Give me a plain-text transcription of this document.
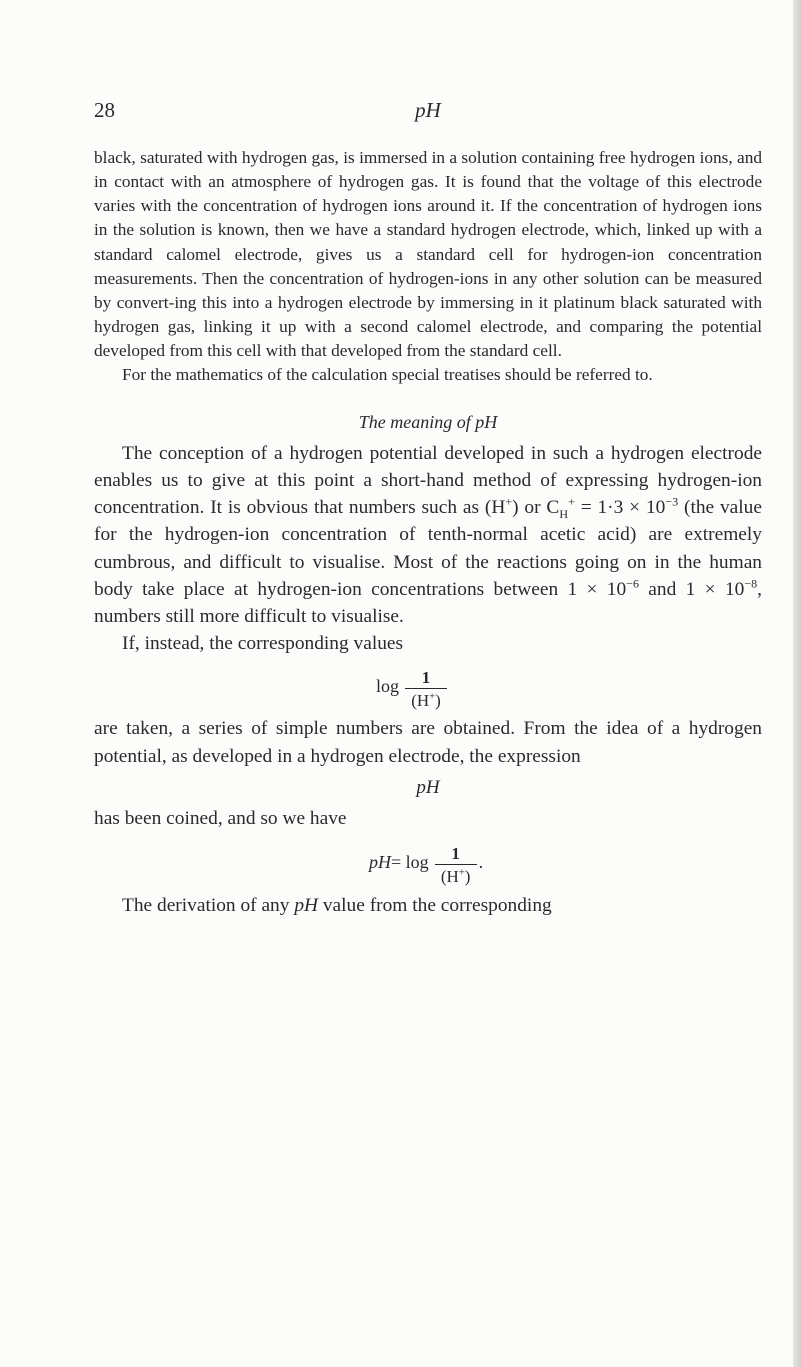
28	pH

black, saturated with hydrogen gas, is immersed in a solution containing free hydrogen ions, and in contact with an atmosphere of hydrogen gas. It is found that the voltage of this electrode varies with the concentration of hydrogen ions around it. If the concentration of hydrogen ions in the solution is known, then we have a standard hydrogen electrode, which, linked up with a standard calomel electrode, gives us a standard cell for hydrogen-ion concentration measurements. Then the concentration of hydrogen-ions in any other solution can be measured by convert-ing this into a hydrogen electrode by immersing in it platinum black saturated with hydrogen gas, linking it up with a second calomel electrode, and comparing the potential developed from this cell with that developed from the standard cell.

For the mathematics of the calculation special treatises should be referred to.

The meaning of pH

The conception of a hydrogen potential developed in such a hydrogen electrode enables us to give at this point a short-hand method of expressing hydrogen-ion concentration. It is obvious that numbers such as (H+) or $C_H^+ = 1\cdot 3 \times 10^{-3}$ (the value for the hydrogen-ion concentration of tenth-normal acetic acid) are extremely cumbrous, and difficult to visualise. Most of the reactions going on in the human body take place at hydrogen-ion concentrations between $1 \times 10^{-6}$ and $1 \times 10^{-8}$, numbers still more difficult to visualise.

If, instead, the corresponding values

$\log \frac{1}{(H^+)}$

are taken, a series of simple numbers are obtained. From the idea of a hydrogen potential, as developed in a hydrogen electrode, the expression

pH

has been coined, and so we have

pH = $\log \frac{1}{(H^+)}$ .

The derivation of any pH value from the corresponding
